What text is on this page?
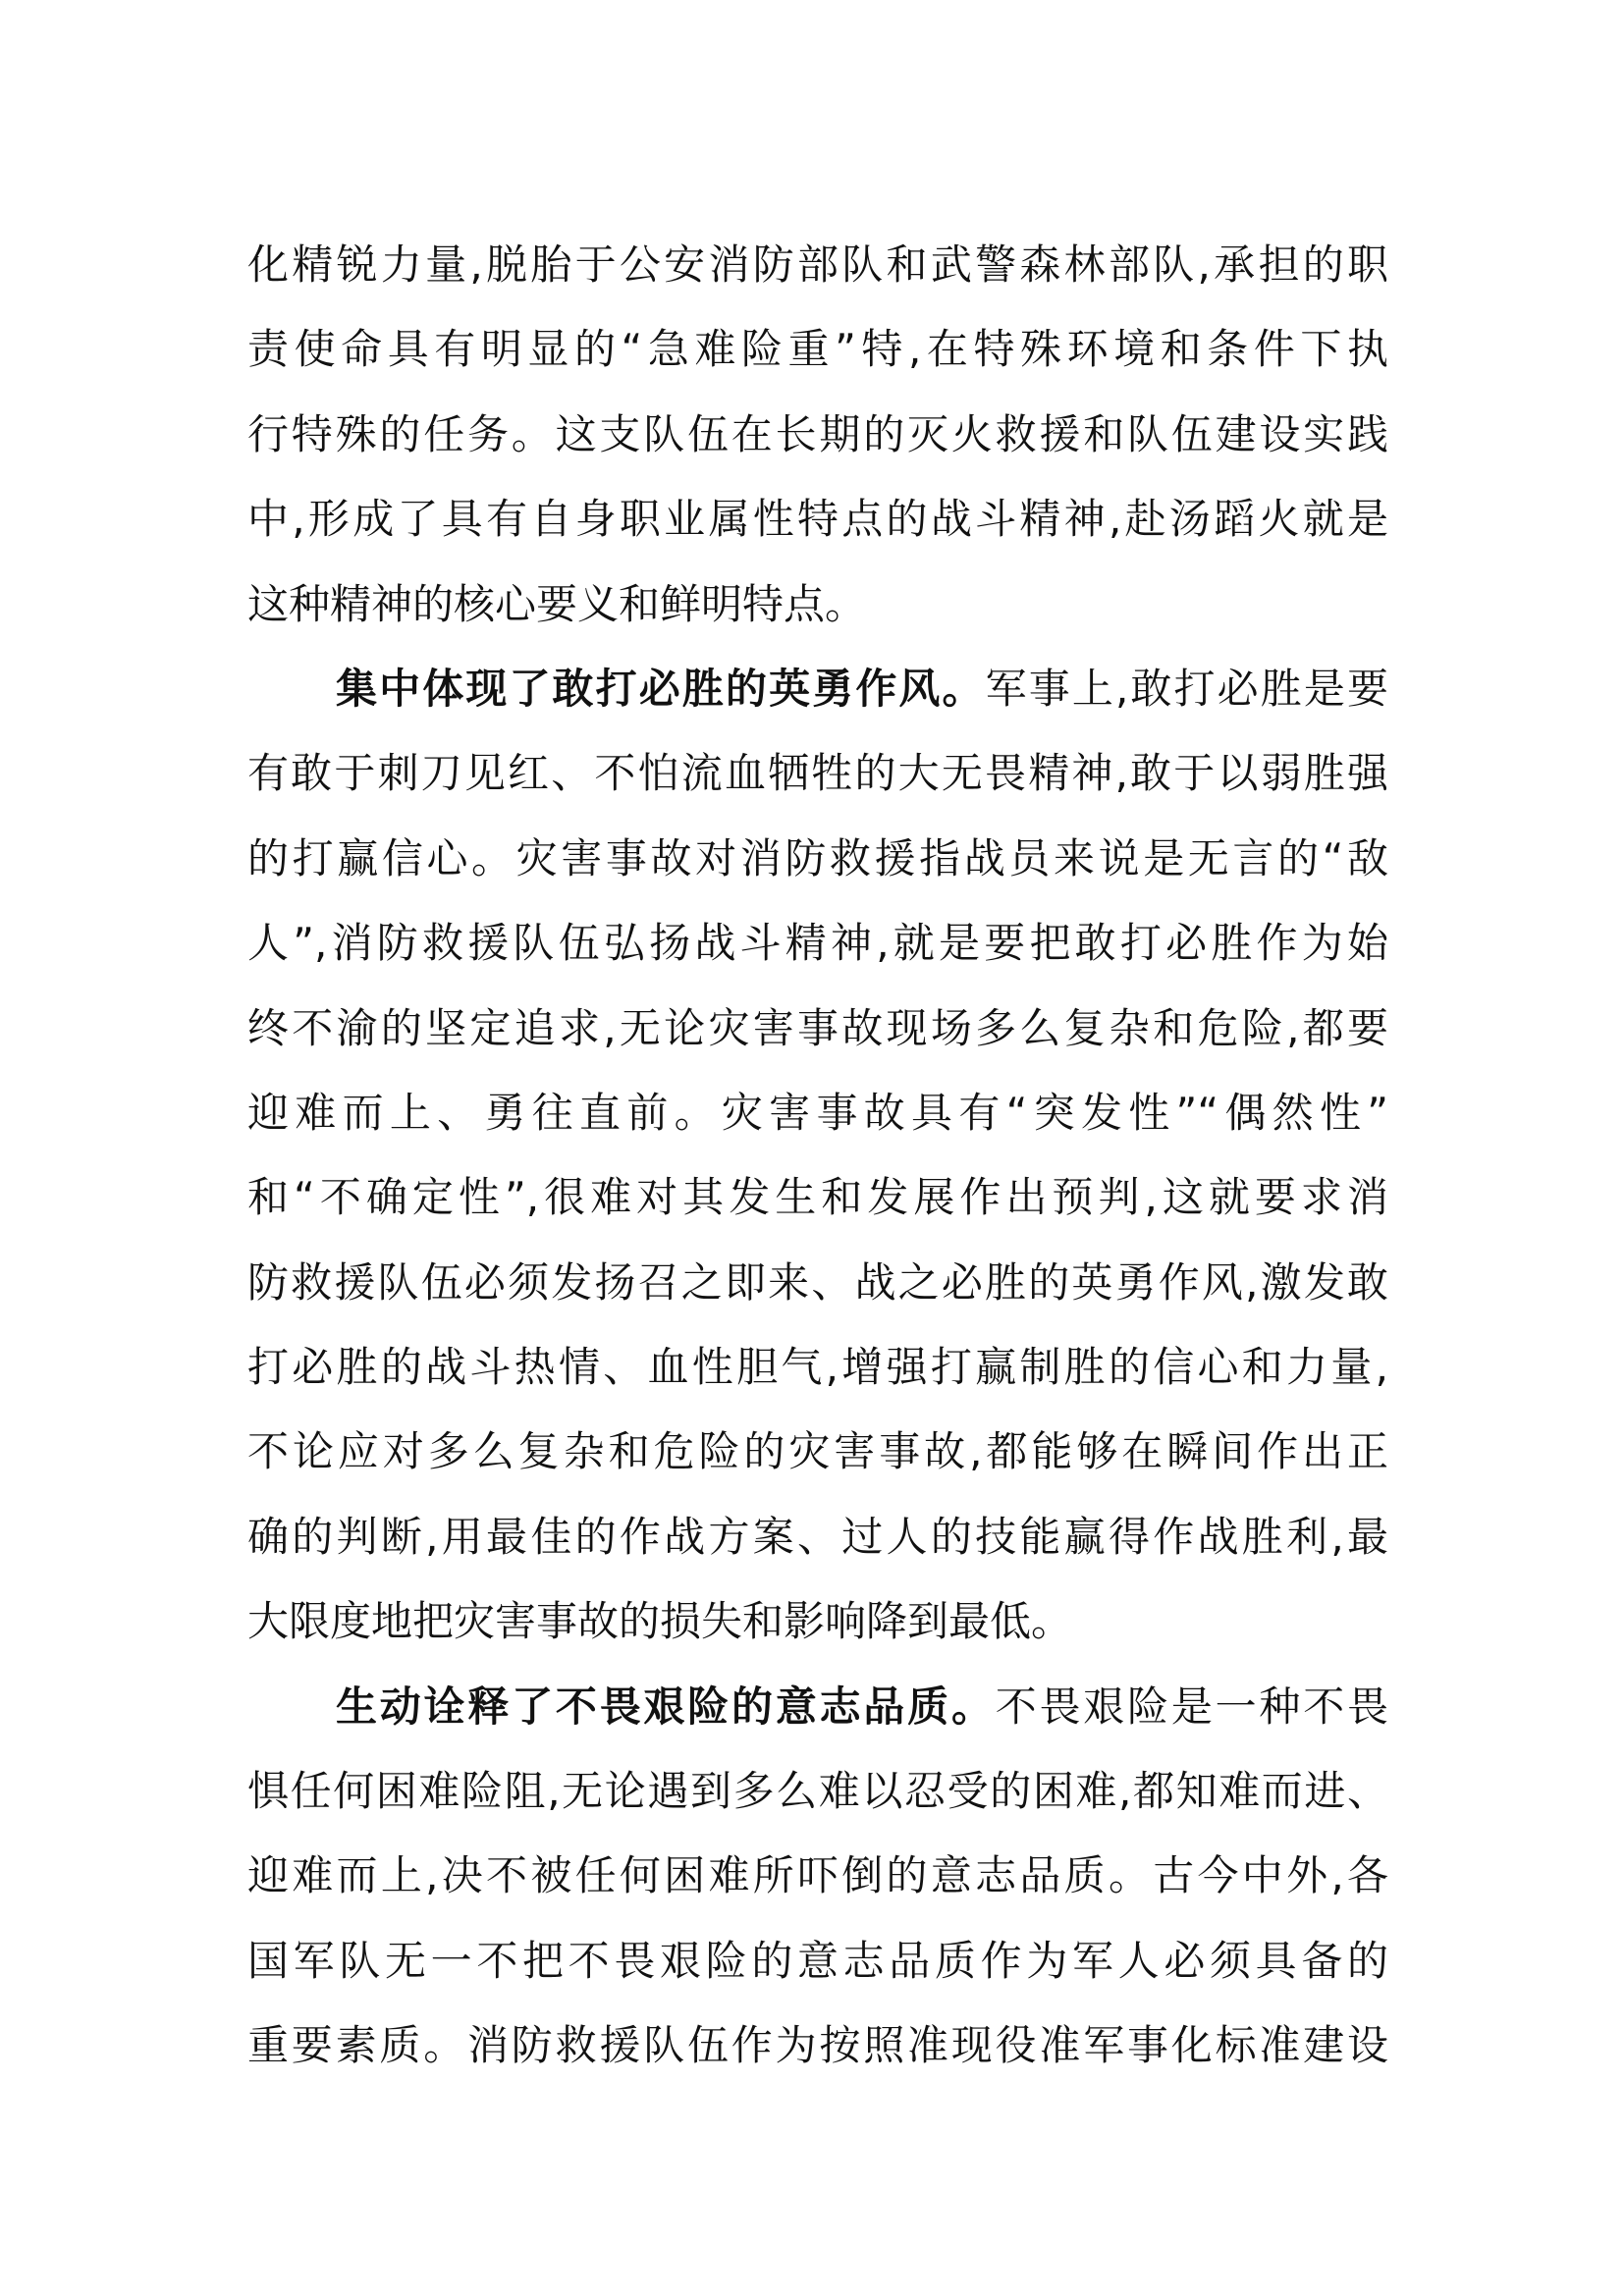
化精锐力量,脱胎于公安消防部队和武警森林部队,承担的职
责使命具有明显的“急难险重”特,在特殊环境和条件下执
行特殊的任务。这支队伍在长期的灭火救援和队伍建设实践
中,形成了具有自身职业属性特点的战斗精神,赴汤蹈火就是
这种精神的核心要义和鲜明特点。
集中体现了敢打必胜的英勇作风。军事上,敢打必胜是要
有敢于刺刀见红、不怕流血牺牲的大无畏精神,敢于以弱胜强
的打赢信心。灾害事故对消防救援指战员来说是无言的“敌
人”,消防救援队伍弘扬战斗精神,就是要把敢打必胜作为始
终不渝的坚定追求,无论灾害事故现场多么复杂和危险,都要
迎难而上、勇往直前。灾害事故具有“突发性”“偶然性”
和“不确定性”,很难对其发生和发展作出预判,这就要求消
防救援队伍必须发扬召之即来、战之必胜的英勇作风,激发敢
打必胜的战斗热情、血性胆气,增强打赢制胜的信心和力量,
不论应对多么复杂和危险的灾害事故,都能够在瞬间作出正
确的判断,用最佳的作战方案、过人的技能赢得作战胜利,最
大限度地把灾害事故的损失和影响降到最低。
生动诠释了不畏艰险的意志品质。不畏艰险是一种不畏
惧任何困难险阻,无论遇到多么难以忍受的困难,都知难而进、
迎难而上,决不被任何困难所吓倒的意志品质。古今中外,各
国军队无一不把不畏艰险的意志品质作为军人必须具备的
重要素质。消防救援队伍作为按照准现役准军事化标准建设
